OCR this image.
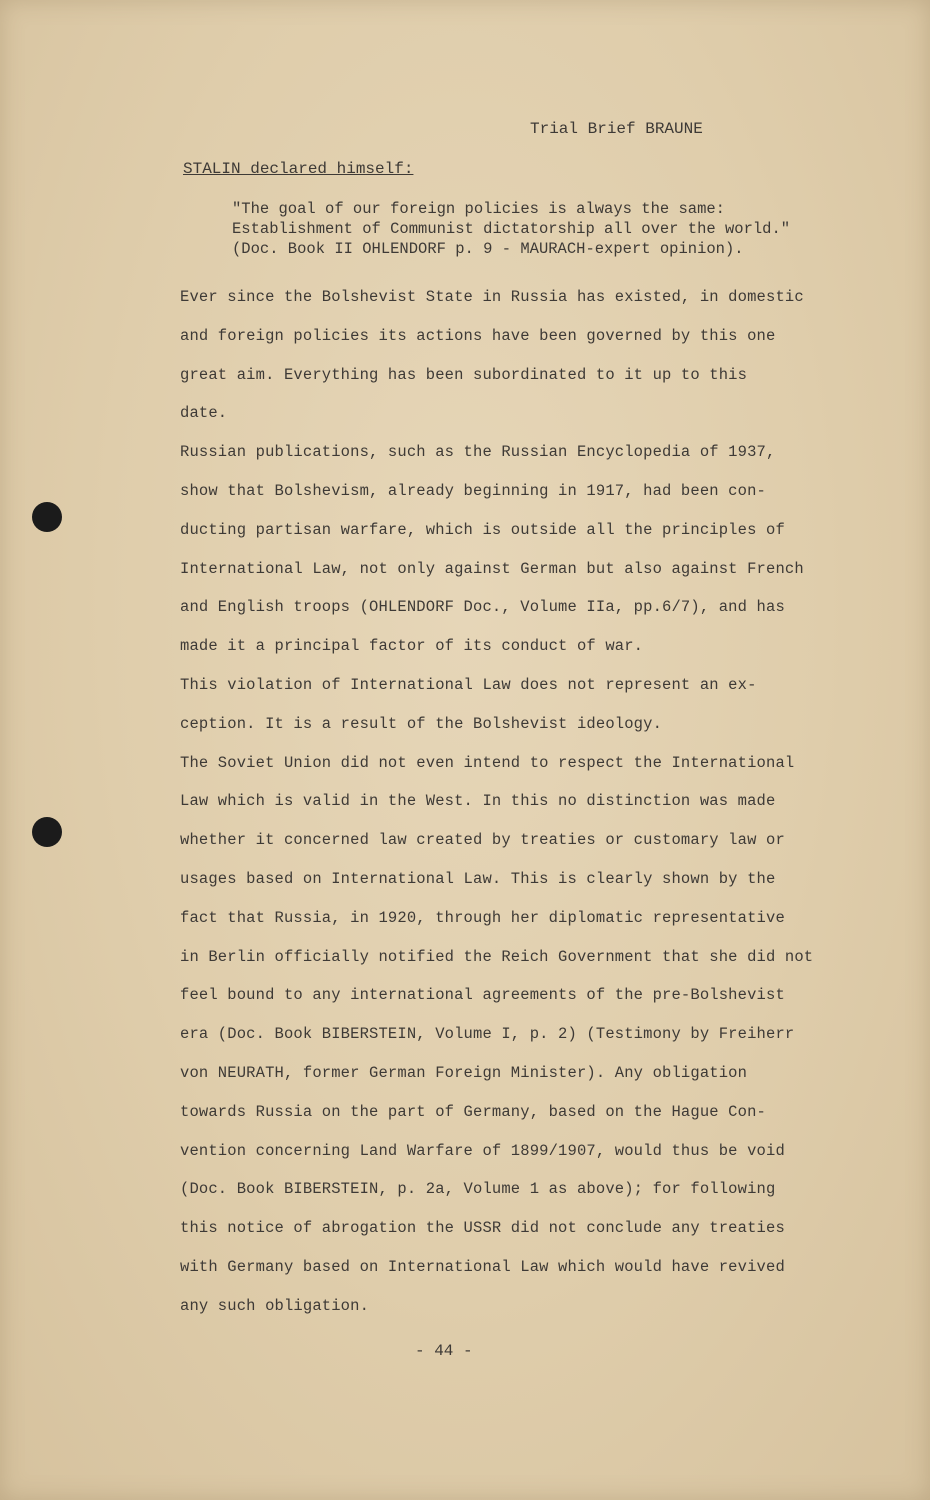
Trial Brief BRAUNE
STALIN declared himself:
"The goal of our foreign policies is always the same:
Establishment of Communist dictatorship all over the world."
(Doc. Book II OHLENDORF p. 9 - MAURACH-expert opinion).
Ever since the Bolshevist State in Russia has existed, in domestic
and foreign policies its actions have been governed by this one
great aim. Everything has been subordinated to it up to this
date.
Russian publications, such as the Russian Encyclopedia of 1937,
show that Bolshevism, already beginning in 1917, had been con-
ducting partisan warfare, which is outside all the principles of
International Law, not only against German but also against French
and English troops (OHLENDORF Doc., Volume IIa, pp.6/7), and has
made it a principal factor of its conduct of war.
This violation of International Law does not represent an ex-
ception. It is a result of the Bolshevist ideology.
The Soviet Union did not even intend to respect the International
Law which is valid in the West. In this no distinction was made
whether it concerned law created by treaties or customary law or
usages based on International Law. This is clearly shown by the
fact that Russia, in 1920, through her diplomatic representative
in Berlin officially notified the Reich Government that she did not
feel bound to any international agreements of the pre-Bolshevist
era (Doc. Book BIBERSTEIN, Volume I, p. 2) (Testimony by Freiherr
von NEURATH, former German Foreign Minister). Any obligation
towards Russia on the part of Germany, based on the Hague Con-
vention concerning Land Warfare of 1899/1907, would thus be void
(Doc. Book BIBERSTEIN, p. 2a, Volume 1 as above); for following
this notice of abrogation the USSR did not conclude any treaties
with Germany based on International Law which would have revived
any such obligation.
- 44 -
